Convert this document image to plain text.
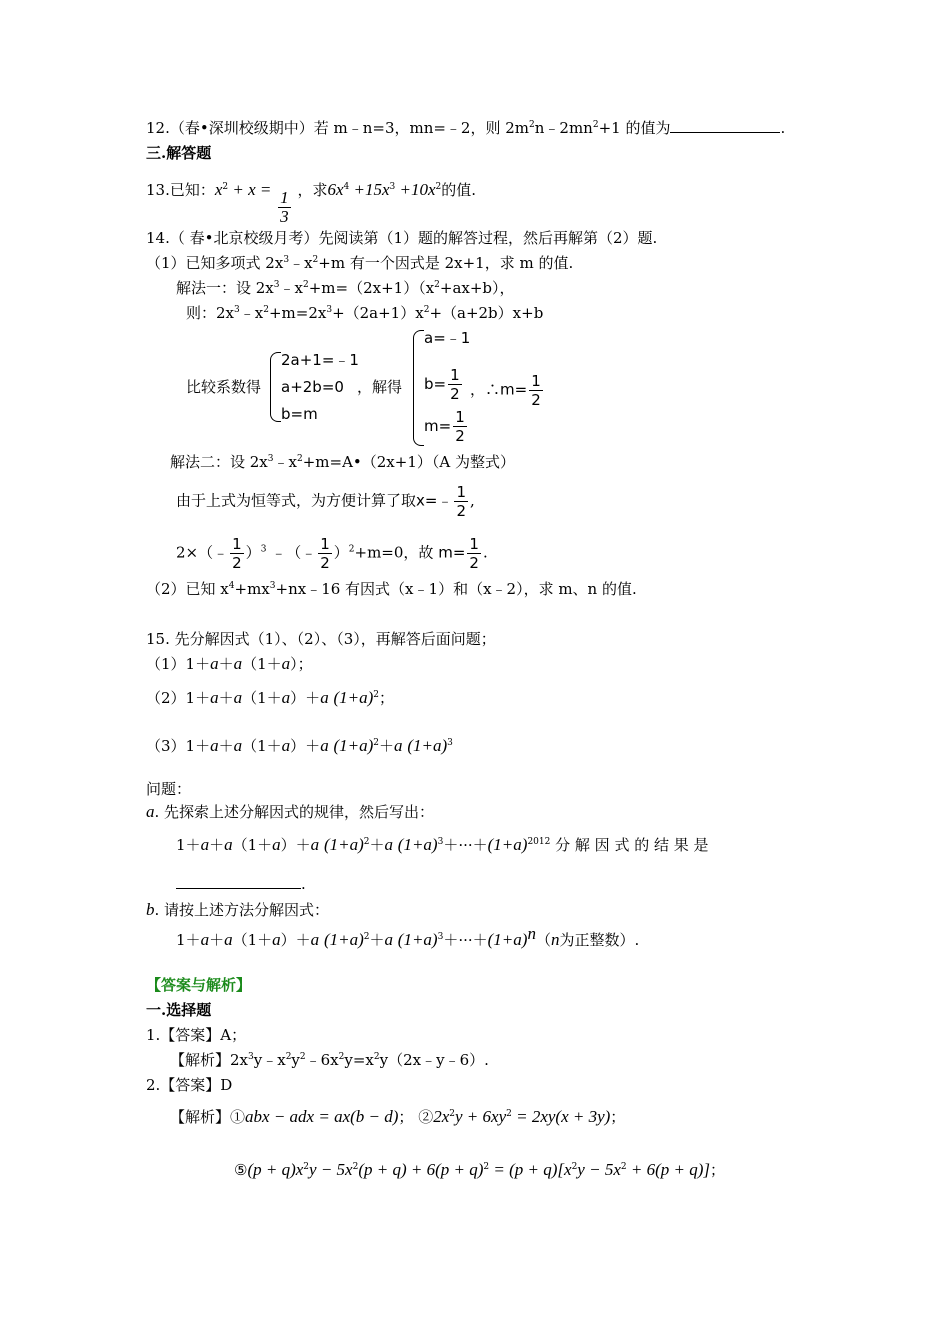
12.（春•深圳校级期中）若 m﹣n=3，mn=﹣2，则 $2m^2n﹣2mn^2+1$ 的值为	.
三.解答题
13.已知：$x^2 + x = \frac{1}{3}$ ，求$6x^4 +15x^3 +10x^2$的值.
14.（ 春•北京校级月考）先阅读第（1）题的解答过程，然后再解第（2）题.
（1）已知多项式 $2x^3﹣x^2+m$ 有一个因式是 2x+1，求 m 的值.
解法一：设 $2x^3﹣x^2+m=(2x+1)(x^2+ax+b)$，
则：$2x^3﹣x^2+m=2x^3+(2a+1)x^2+(a+2b)x+b$
比较系数得
2a+1=﹣1
a+2b=0
b=m
，解得
a=﹣1
$b= \frac{1}{2}$
$m= \frac{1}{2}$
，∴m= $\frac{1}{2}$
解法二：设 $2x^3﹣x^2+m=A•(2x+1)(A$ 为整式）
由于上式为恒等式，为方便计算了取x=﹣ $\frac{1}{2}$ ,
2×（﹣ $\frac{1}{2} )^3$ ﹣（﹣ $\frac{1}{2} )^2+m=0$，故 $m= \frac{1}{2}$ .
（2）已知 $x^4+mx^3+nx﹣16$ 有因式（x﹣1）和（x﹣2），求 m、n 的值.
15. 先分解因式（1）、（2）、（3），再解答后面问题；
（1）1＋a＋a（1＋a）；
（2）1＋a＋a（1＋a）＋a $(1+a)^2$；
（3）1＋a＋a（1＋a）＋a $(1+a)^2+a$ $(1+a)^3$
问题：
a. 先探索上述分解因式的规律，然后写出：
1＋a＋a（1＋a）＋a $(1+a)^2+a$ $(1+a)^3+\cdot\cdot\cdot+(1+a)^{2012}$ 分 解 因 式 的 结 果 是
.
b. 请按上述方法分解因式：
1＋a＋a（1＋a）＋a $(1+a)^2+a$ $(1+a)^3+\cdot\cdot\cdot+(1+a)^n(n$为正整数）.
【答案与解析】
一.选择题
1.【答案】A；
【解析】$2x^3y﹣x^2y^2﹣6x^2y=x^2y(2x﹣y﹣6)$.
2.【答案】D
【解析】①abx − adx = ax(b − d)； $②2x^2y + 6xy^2 = 2xy(x + 3y)$；
⑤(p + $q)x^2y - 5x^2(p + q) + 6(p + q)^2 = (p + q)[x^2y - 5x^2 + 6(p + q)]$；
